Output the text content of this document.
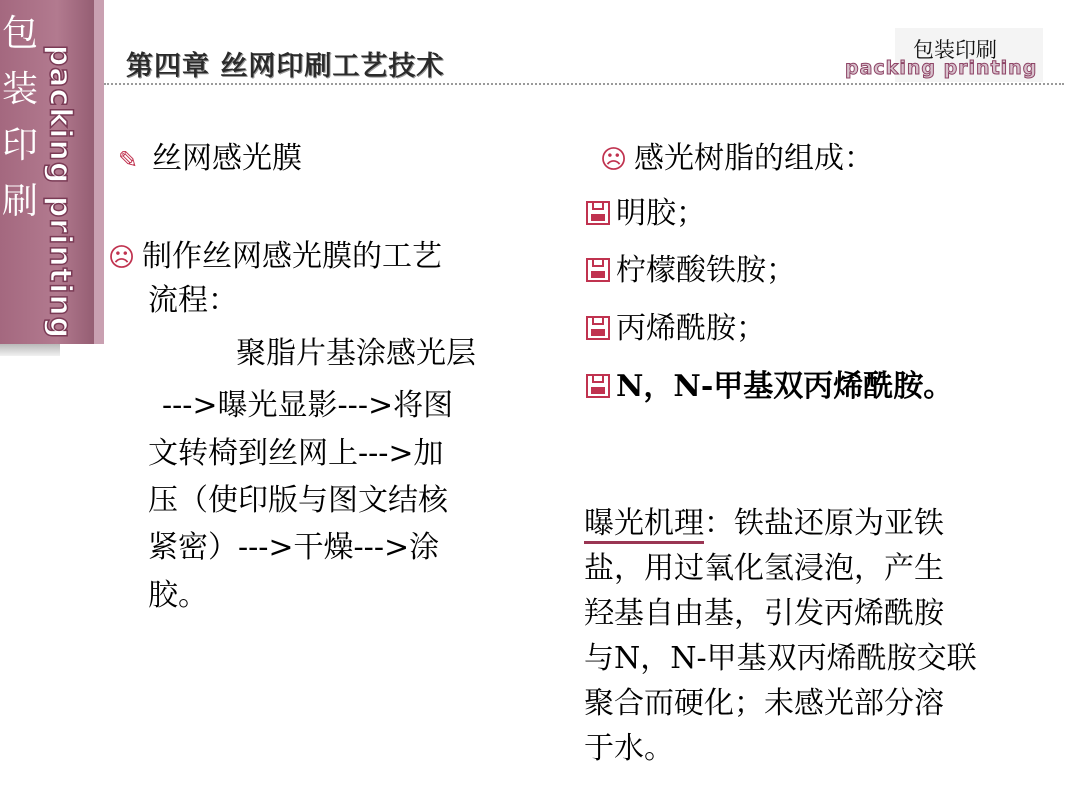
包
装
印
刷 packing printing 第四章 丝网印刷工艺技术
包装印刷
packing printing
✎ 丝网感光膜
☹ 制作丝网感光膜的工艺
流程：
聚脂片基涂感光层
--->曝光显影--->将图
文转椅到丝网上--->加
压（使印版与图文结核
紧密）--->干燥--->涂
胶。
☹ 感光树脂的组成：
明胶；
柠檬酸铁胺；
丙烯酰胺；
N，N-甲基双丙烯酰胺。
曝光机理：铁盐还原为亚铁
盐，用过氧化氢浸泡，产生
羟基自由基，引发丙烯酰胺
与N，N-甲基双丙烯酰胺交联
聚合而硬化；未感光部分溶
于水。
